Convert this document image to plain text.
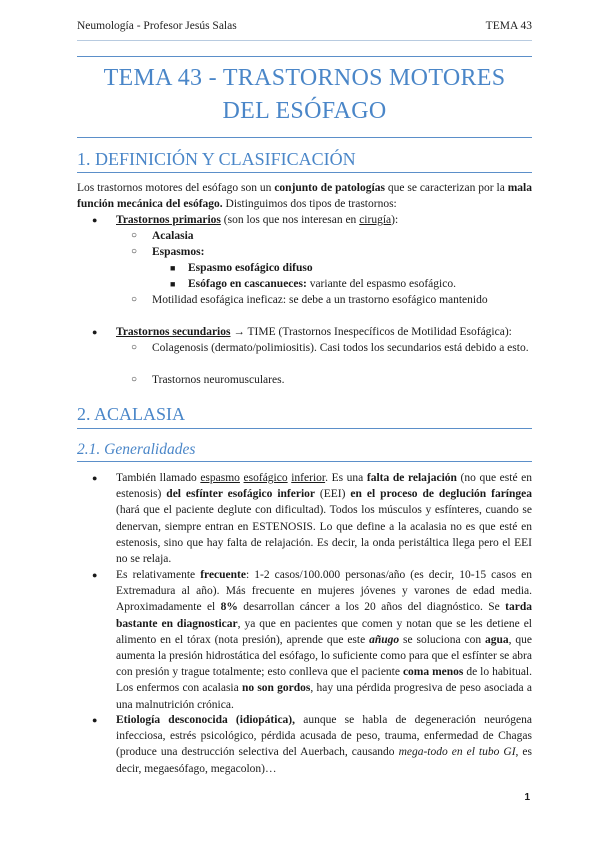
Neumología - Profesor Jesús Salas	TEMA 43
TEMA 43 - TRASTORNOS MOTORES
DEL ESÓFAGO
1. DEFINICIÓN Y CLASIFICACIÓN
Los trastornos motores del esófago son un conjunto de patologías que se caracterizan por la mala función mecánica del esófago. Distinguimos dos tipos de trastornos:
● Trastornos primarios (son los que nos interesan en cirugía):
○ Acalasia
○ Espasmos:
■ Espasmo esofágico difuso
■ Esófago en cascanueces: variante del espasmo esofágico.
○ Motilidad esofágica ineficaz: se debe a un trastorno esofágico mantenido
● Trastornos secundarios → TIME (Trastornos Inespecíficos de Motilidad Esofágica):
○ Colagenosis (dermato/polimiositis). Casi todos los secundarios está debido a esto.
○ Trastornos neuromusculares.
2. ACALASIA
2.1. Generalidades
● También llamado espasmo esofágico inferior. Es una falta de relajación (no que esté en estenosis) del esfínter esofágico inferior (EEI) en el proceso de deglución faríngea (hará que el paciente deglute con dificultad). Todos los músculos y esfínteres, cuando se denervan, siempre entran en ESTENOSIS. Lo que define a la acalasia no es que esté en estenosis, sino que hay falta de relajación. Es decir, la onda peristáltica llega pero el EEI no se relaja.
● Es relativamente frecuente: 1-2 casos/100.000 personas/año (es decir, 10-15 casos en Extremadura al año). Más frecuente en mujeres jóvenes y varones de edad media. Aproximadamente el 8% desarrollan cáncer a los 20 años del diagnóstico. Se tarda bastante en diagnosticar, ya que en pacientes que comen y notan que se les detiene el alimento en el tórax (nota presión), aprende que este añugo se soluciona con agua, que aumenta la presión hidrostática del esófago, lo suficiente como para que el esfínter se abra con presión y trague totalmente; esto conlleva que el paciente coma menos de lo habitual. Los enfermos con acalasia no son gordos, hay una pérdida progresiva de peso asociada a una malnutrición crónica.
● Etiología desconocida (idiopática), aunque se habla de degeneración neurógena infecciosa, estrés psicológico, pérdida acusada de peso, trauma, enfermedad de Chagas (produce una destrucción selectiva del Auerbach, causando mega-todo en el tubo GI, es decir, megaesófago, megacolon)…
1
